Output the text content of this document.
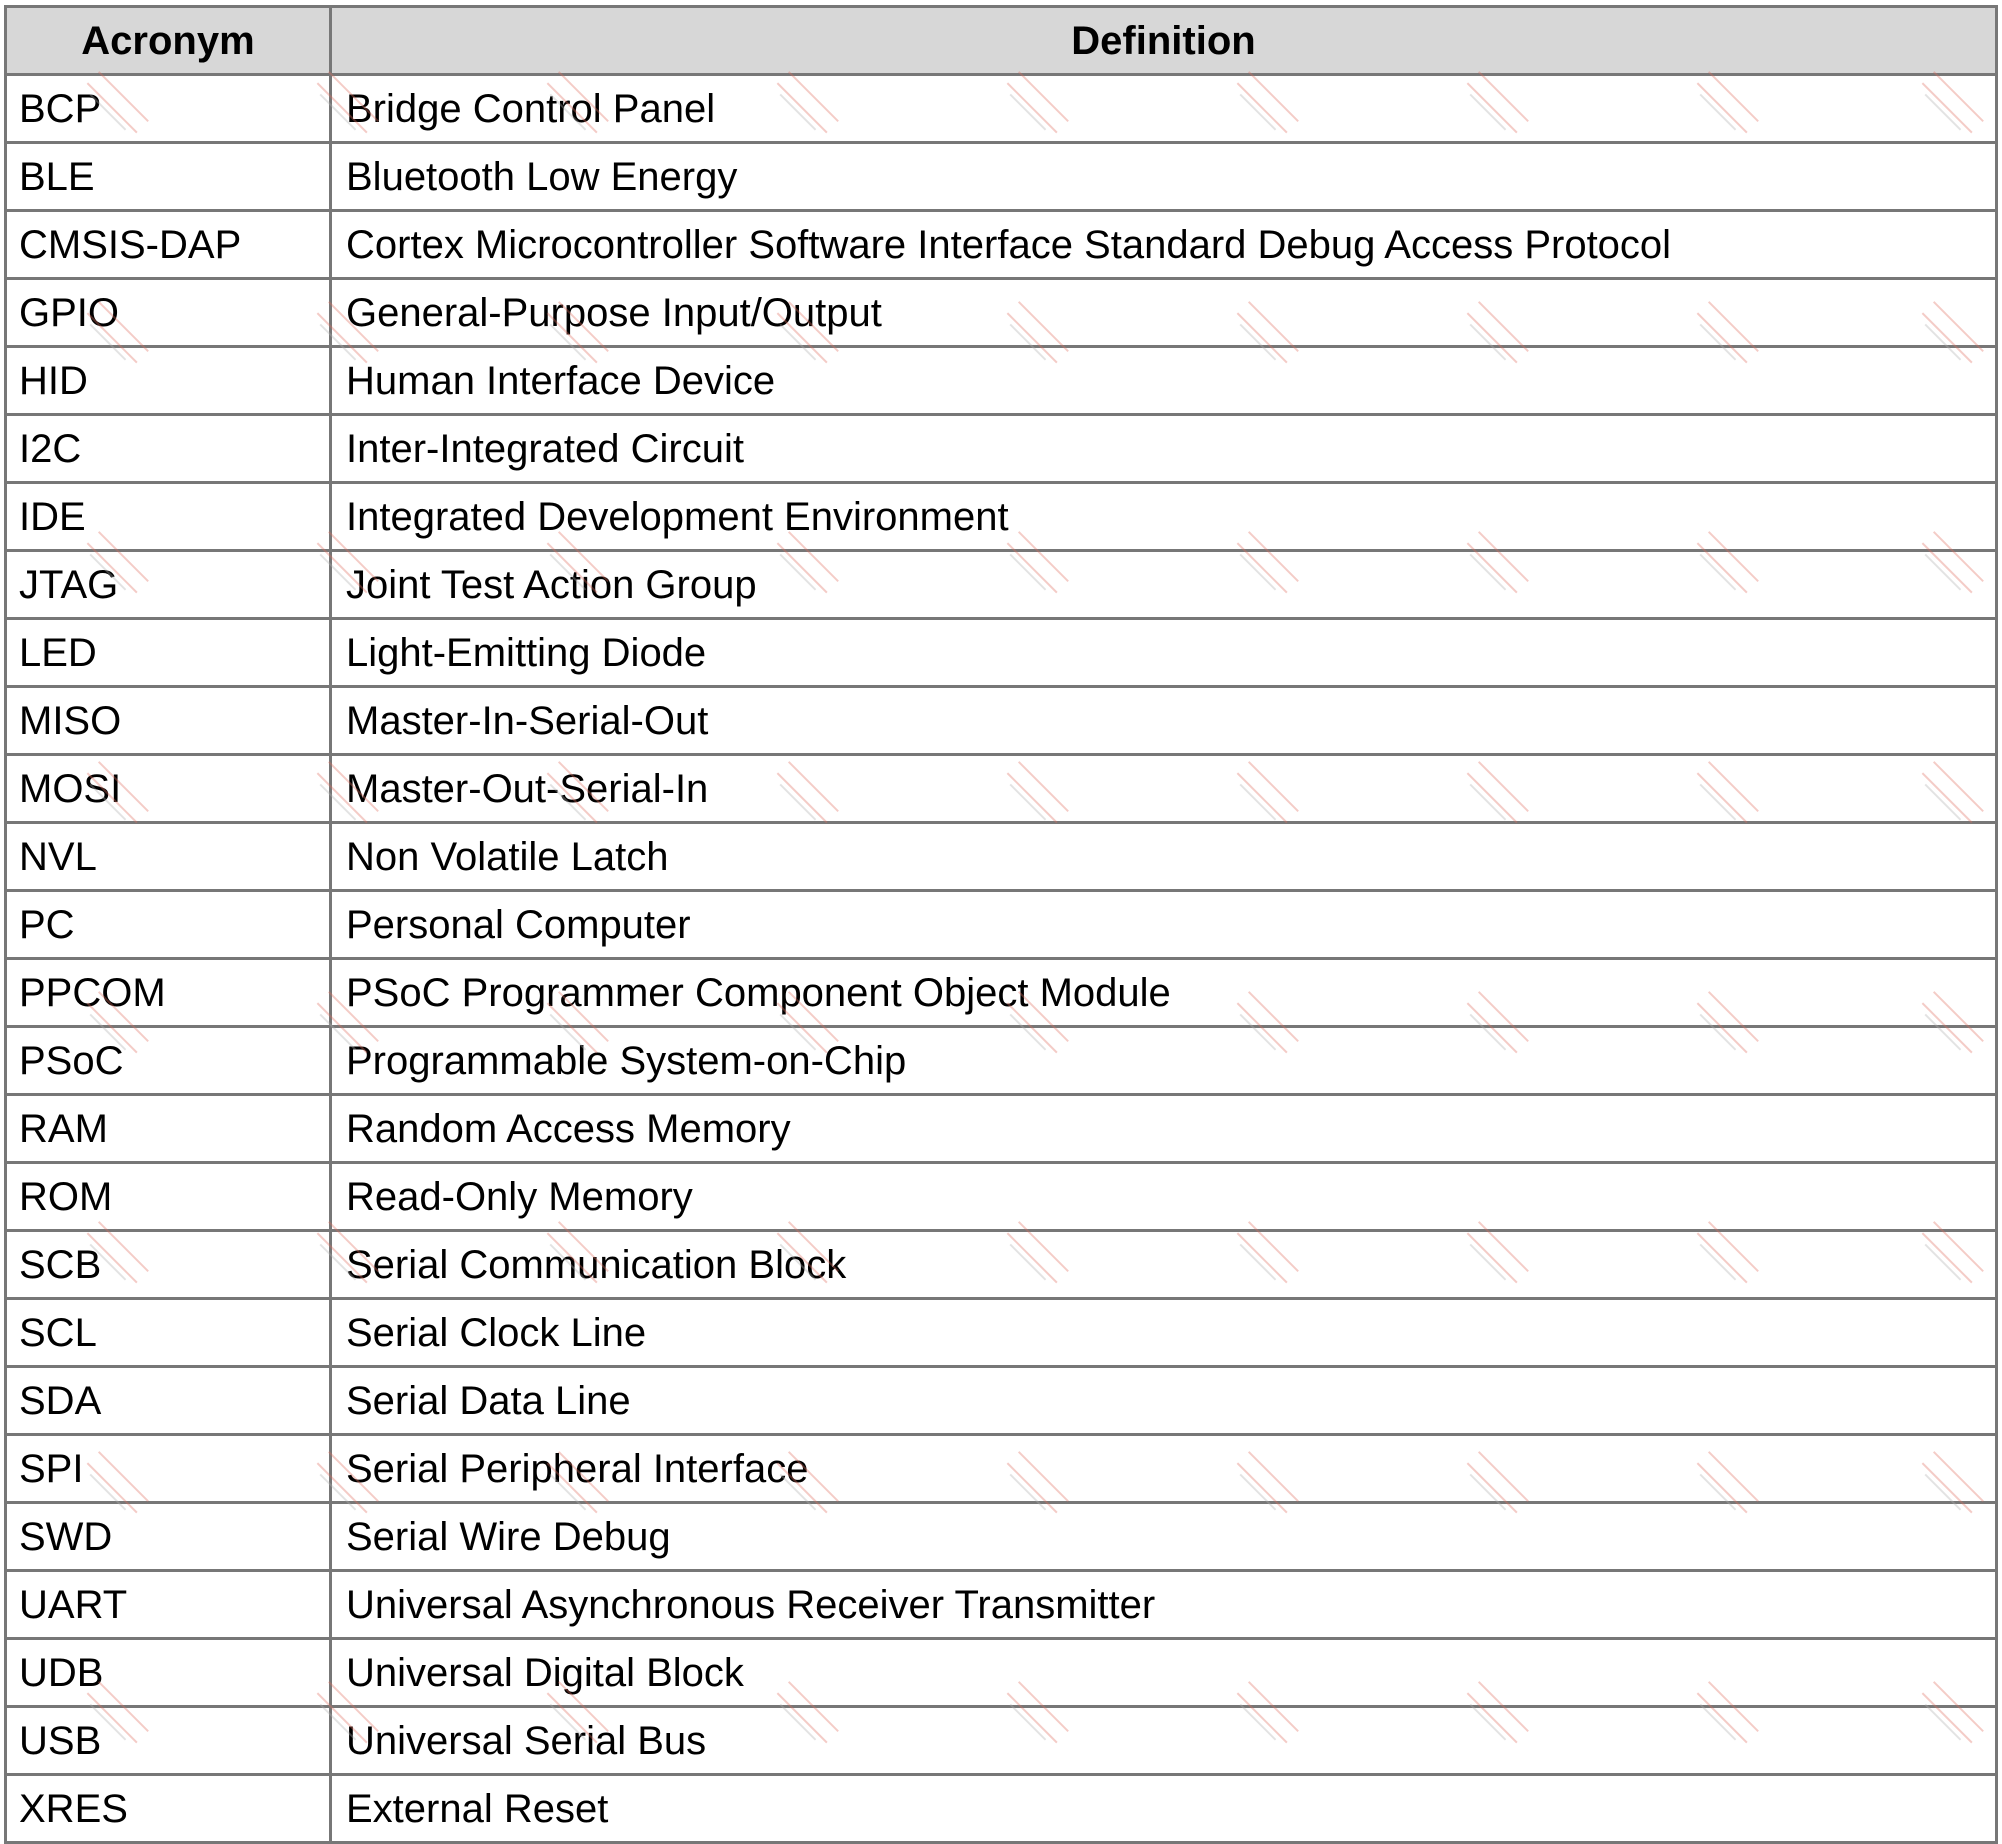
Acronym	Definition
BCP	Bridge Control Panel
BLE	Bluetooth Low Energy
CMSIS-DAP	Cortex Microcontroller Software Interface Standard Debug Access Protocol
GPIO	General-Purpose Input/Output
HID	Human Interface Device
I2C	Inter-Integrated Circuit
IDE	Integrated Development Environment
JTAG	Joint Test Action Group
LED	Light-Emitting Diode
MISO	Master-In-Serial-Out
MOSI	Master-Out-Serial-In
NVL	Non Volatile Latch
PC	Personal Computer
PPCOM	PSoC Programmer Component Object Module
PSoC	Programmable System-on-Chip
RAM	Random Access Memory
ROM	Read-Only Memory
SCB	Serial Communication Block
SCL	Serial Clock Line
SDA	Serial Data Line
SPI	Serial Peripheral Interface
SWD	Serial Wire Debug
UART	Universal Asynchronous Receiver Transmitter
UDB	Universal Digital Block
USB	Universal Serial Bus
XRES	External Reset
